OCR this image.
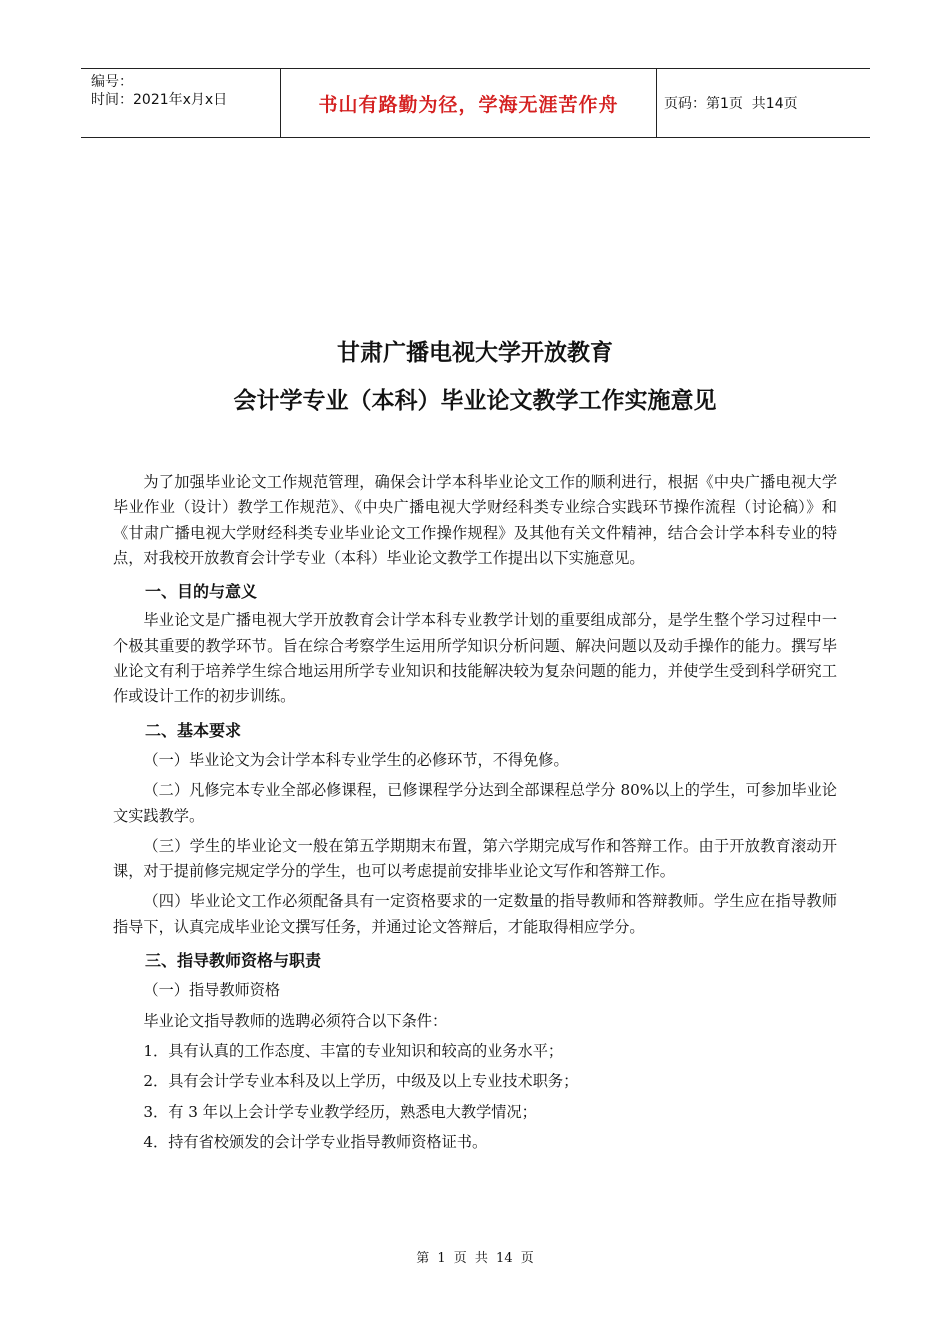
编号：
时间：2021年x月x日	书山有路勤为径，学海无涯苦作舟	页码：第1页  共14页
甘肃广播电视大学开放教育
会计学专业（本科）毕业论文教学工作实施意见

为了加强毕业论文工作规范管理，确保会计学本科毕业论文工作的顺利进行，根据《中央广播电视大学毕业作业（设计）教学工作规范》、《中央广播电视大学财经科类专业综合实践环节操作流程（讨论稿）》和《甘肃广播电视大学财经科类专业毕业论文工作操作规程》及其他有关文件精神，结合会计学本科专业的特点，对我校开放教育会计学专业（本科）毕业论文教学工作提出以下实施意见。

一、目的与意义

毕业论文是广播电视大学开放教育会计学本科专业教学计划的重要组成部分，是学生整个学习过程中一个极其重要的教学环节。旨在综合考察学生运用所学知识分析问题、解决问题以及动手操作的能力。撰写毕业论文有利于培养学生综合地运用所学专业知识和技能解决较为复杂问题的能力，并使学生受到科学研究工作或设计工作的初步训练。

二、基本要求

（一）毕业论文为会计学本科专业学生的必修环节，不得免修。

（二）凡修完本专业全部必修课程，已修课程学分达到全部课程总学分 80%以上的学生，可参加毕业论文实践教学。

（三）学生的毕业论文一般在第五学期期末布置，第六学期完成写作和答辩工作。由于开放教育滚动开课，对于提前修完规定学分的学生，也可以考虑提前安排毕业论文写作和答辩工作。

（四）毕业论文工作必须配备具有一定资格要求的一定数量的指导教师和答辩教师。学生应在指导教师指导下，认真完成毕业论文撰写任务，并通过论文答辩后，才能取得相应学分。

三、指导教师资格与职责

（一）指导教师资格

毕业论文指导教师的选聘必须符合以下条件：

1．具有认真的工作态度、丰富的专业知识和较高的业务水平；

2．具有会计学专业本科及以上学历，中级及以上专业技术职务；

3．有 3 年以上会计学专业教学经历，熟悉电大教学情况；

4．持有省校颁发的会计学专业指导教师资格证书。

第 1 页 共 14 页
